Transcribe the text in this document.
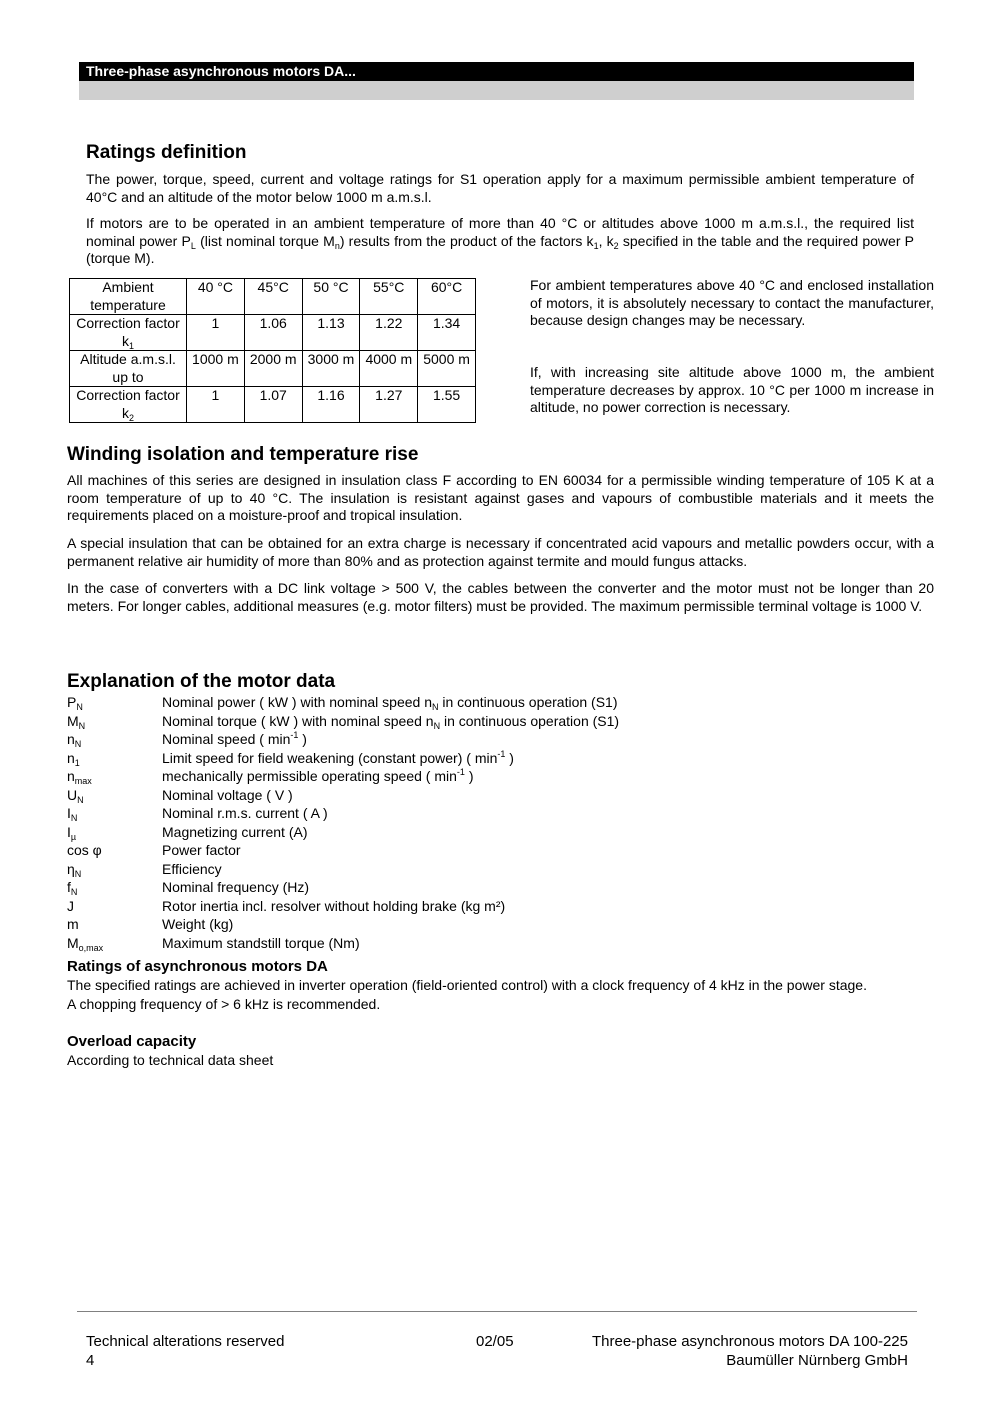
Three-phase asynchronous motors DA...
Ratings definition

The power, torque, speed, current and voltage ratings for S1 operation apply for a maximum permissible ambient temperature of 40°C and an altitude of the motor below 1000 m a.m.s.l.

If motors are to be operated in an ambient temperature of more than 40 °C or altitudes above 1000 m a.m.s.l., the required list nominal power $P_L$ (list nominal torque $M_n$) results from the product of the factors $k_1$, $k_2$ specified in the table and the required power P (torque M).

Ambient temperature	40 °C	45°C	50 °C	55°C	60°C
Correction factor $k_1$	1	1.06	1.13	1.22	1.34
Altitude a.m.s.l. up to	1000 m	2000 m	3000 m	4000 m	5000 m
Correction factor $k_2$	1	1.07	1.16	1.27	1.55

For ambient temperatures above 40 °C and enclosed installation of motors, it is absolutely necessary to contact the manufacturer, because design changes may be necessary.

If, with increasing site altitude above 1000 m, the ambient temperature decreases by approx. 10 °C per 1000 m increase in altitude, no power correction is necessary.

Winding isolation and temperature rise

All machines of this series are designed in insulation class F according to EN 60034 for a permissible winding temperature of 105 K at a room temperature of up to 40 °C. The insulation is resistant against gases and vapours of combustible materials and it meets the requirements placed on a moisture-proof and tropical insulation.

A special insulation that can be obtained for an extra charge is necessary if concentrated acid vapours and metallic powders occur, with a permanent relative air humidity of more than 80% and as protection against termite and mould fungus attacks.

In the case of converters with a DC link voltage > 500 V, the cables between the converter and the motor must not be longer than 20 meters. For longer cables, additional measures (e.g. motor filters) must be provided. The maximum permissible terminal voltage is 1000 V.

Explanation of the motor data
$P_N$	Nominal power ( kW ) with nominal speed $n_N$ in continuous operation (S1)
$M_N$	Nominal torque ( kW ) with nominal speed $n_N$ in continuous operation (S1)
$n_N$	Nominal speed ( $\min^{-1}$ )
$n_1$	Limit speed for field weakening (constant power) ( $\min^{-1}$ )
$n_{max}$	mechanically permissible operating speed ( $\min^{-1}$ )
$U_N$	Nominal voltage ( V )
$I_N$	Nominal r.m.s. current ( A )
$I_\mu$	Magnetizing current (A)
cos φ	Power factor
$\eta_N$	Efficiency
$f_N$	Nominal frequency (Hz)
J	Rotor inertia incl. resolver without holding brake (kg m²)
m	Weight (kg)
$M_{o,max}$	Maximum standstill torque (Nm)
Ratings of asynchronous motors DA

The specified ratings are achieved in inverter operation (field-oriented control) with a clock frequency of 4 kHz in the power stage.

A chopping frequency of > 6 kHz is recommended.

Overload capacity

According to technical data sheet

Technical alterations reserved
4
02/05	Three-phase asynchronous motors DA 100-225
Baumüller Nürnberg GmbH
